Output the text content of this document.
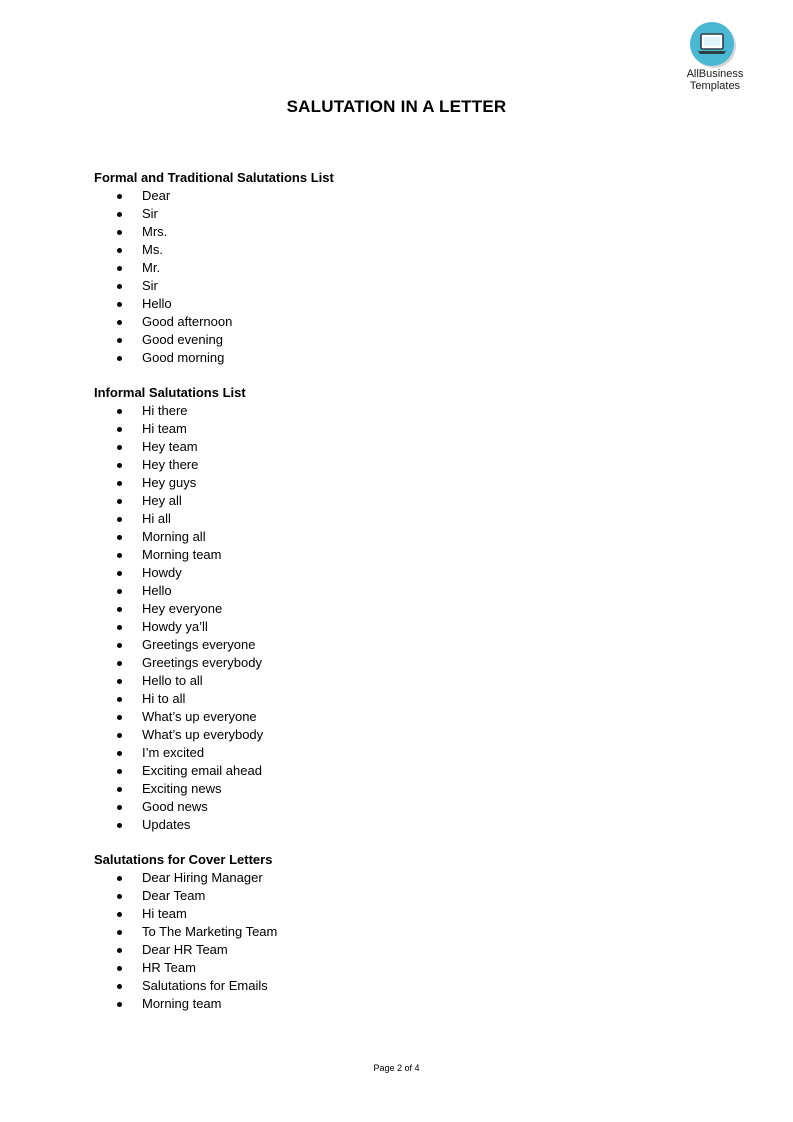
AllBusiness
Templates
SALUTATION IN A LETTER
Formal and Traditional Salutations List
Dear
Sir
Mrs.
Ms.
Mr.
Sir
Hello
Good afternoon
Good evening
Good morning
Informal Salutations List
Hi there
Hi team
Hey team
Hey there
Hey guys
Hey all
Hi all
Morning all
Morning team
Howdy
Hello
Hey everyone
Howdy ya’ll
Greetings everyone
Greetings everybody
Hello to all
Hi to all
What’s up everyone
What’s up everybody
I’m excited
Exciting email ahead
Exciting news
Good news
Updates
Salutations for Cover Letters
Dear Hiring Manager
Dear Team
Hi team
To The Marketing Team
Dear HR Team
HR Team
Salutations for Emails
Morning team
Page 2 of 4
